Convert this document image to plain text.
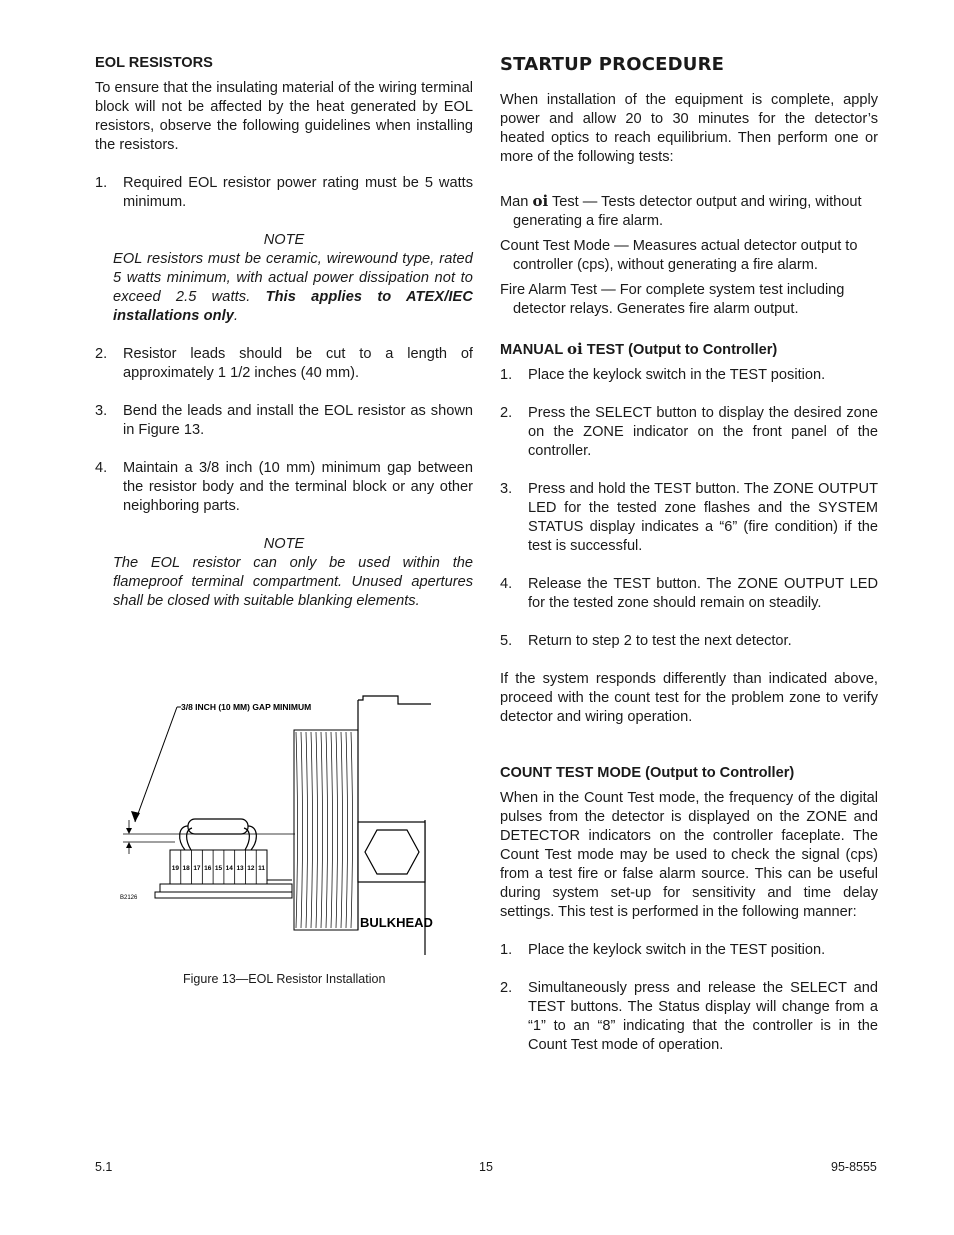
EOL RESISTORS

To ensure that the insulating material of the wiring terminal block will not be affected by the heat generated by EOL resistors, observe the following guidelines when installing the resistors.

1. Required EOL resistor power rating must be 5 watts minimum.
NOTE
EOL resistors must be ceramic, wirewound type, rated 5 watts minimum, with actual power dissipation not to exceed 2.5 watts. This applies to ATEX/IEC installations only.
2. Resistor leads should be cut to a length of approximately 1 1/2 inches (40 mm).
3. Bend the leads and install the EOL resistor as shown in Figure 13.
4. Maintain a 3/8 inch (10 mm) minimum gap between the resistor body and the terminal block or any other neighboring parts.
NOTE
The EOL resistor can only be used within the flameproof terminal compartment. Unused apertures shall be closed with suitable blanking elements.
3/8 INCH (10 MM) GAP MINIMUM
19 18 17 16 15 14 13 12 11
B2126
BULKHEAD
Figure 13—EOL Resistor Installation
STARTUP PROCEDURE

When installation of the equipment is complete, apply power and allow 20 to 30 minutes for the detector’s heated optics to reach equilibrium. Then perform one or more of the following tests:

Man oi Test — Tests detector output and wiring, without generating a fire alarm.

Count Test Mode — Measures actual detector output to controller (cps), without generating a fire alarm.

Fire Alarm Test — For complete system test including detector relays. Generates fire alarm output.

MANUAL oi TEST (Output to Controller)
1. Place the keylock switch in the TEST position.
2. Press the SELECT button to display the desired zone on the ZONE indicator on the front panel of the controller.
3. Press and hold the TEST button. The ZONE OUTPUT LED for the tested zone flashes and the SYSTEM STATUS display indicates a “6” (fire condition) if the test is successful.
4. Release the TEST button. The ZONE OUTPUT LED for the tested zone should remain on steadily.
5. Return to step 2 to test the next detector.

If the system responds differently than indicated above, proceed with the count test for the problem zone to verify detector and wiring operation.

COUNT TEST MODE (Output to Controller)

When in the Count Test mode, the frequency of the digital pulses from the detector is displayed on the ZONE and DETECTOR indicators on the controller faceplate. The Count Test mode may be used to check the signal (cps) from a test fire or false alarm source. This can be useful during system set-up for sensitivity and time delay settings. This test is performed in the following manner:

1. Place the keylock switch in the TEST position.
2. Simultaneously press and release the SELECT and TEST buttons. The Status display will change from a “1” to an “8” indicating that the controller is in the Count Test mode of operation.
5.1	15	95-8555
